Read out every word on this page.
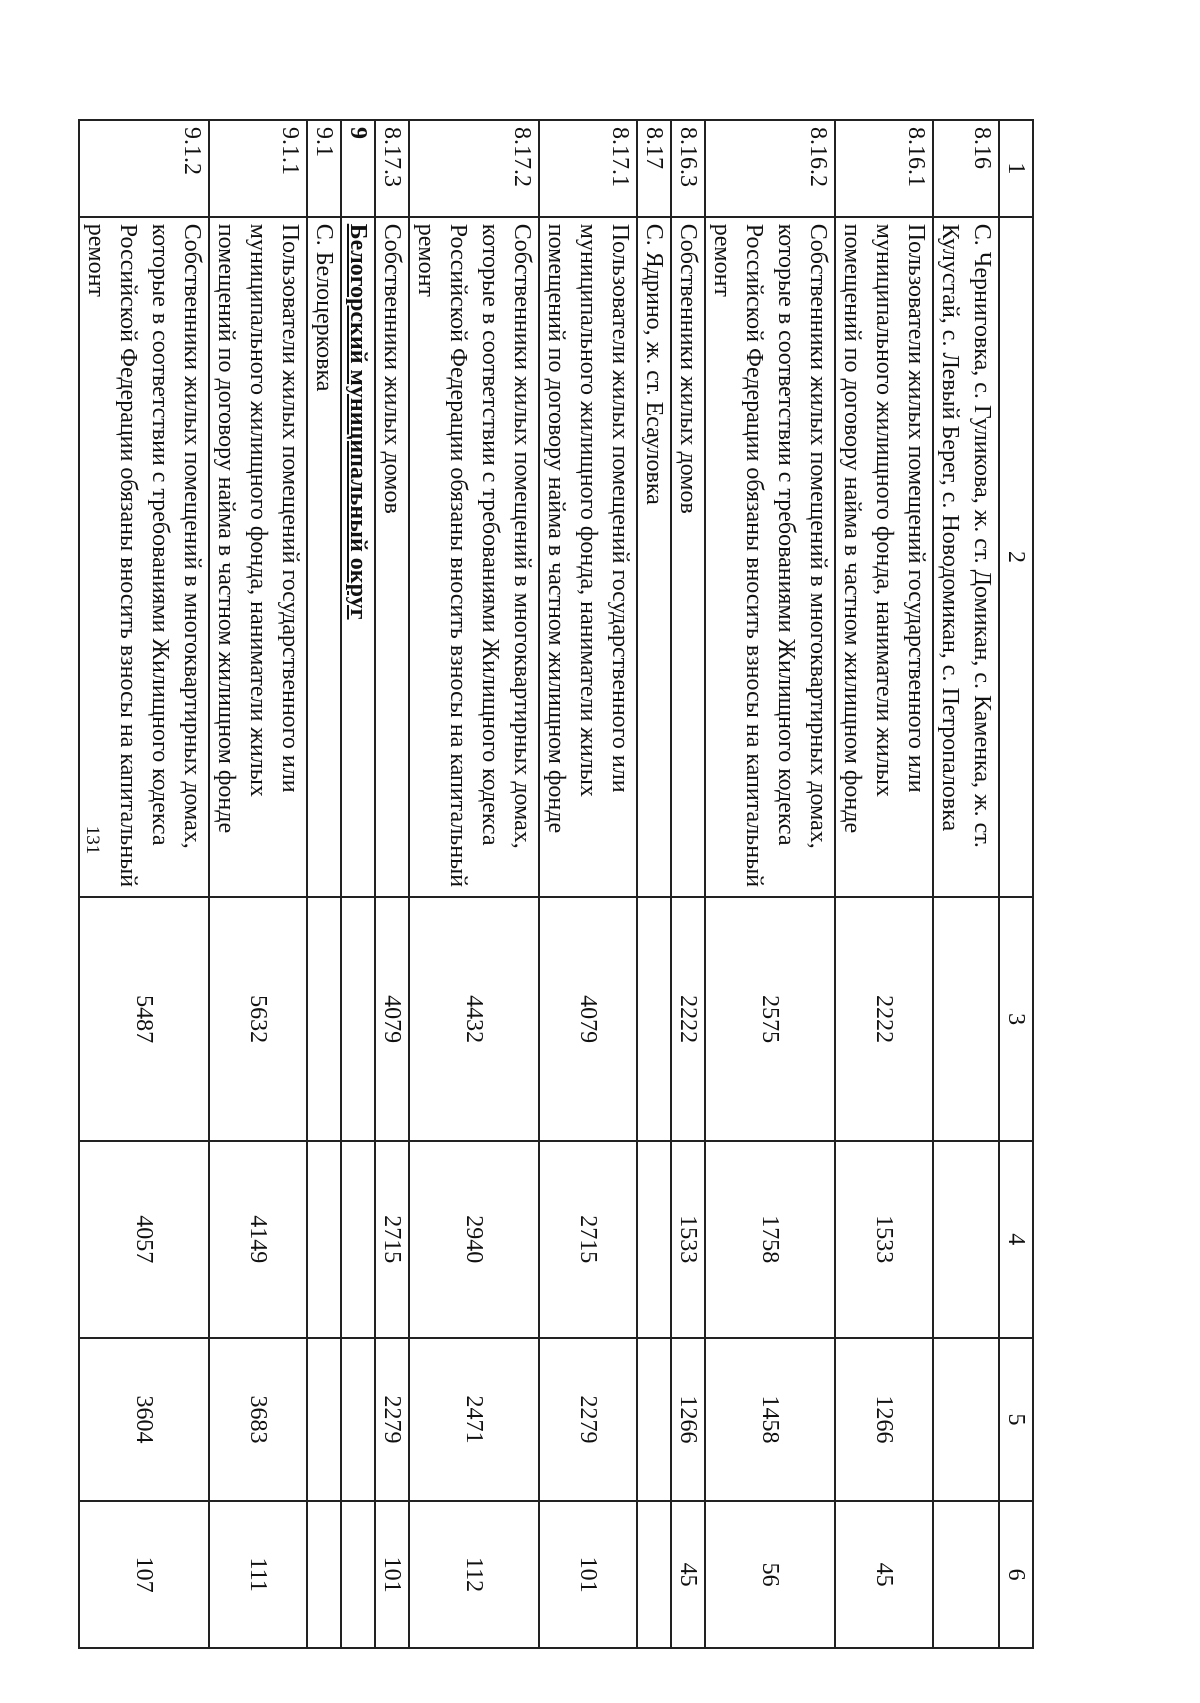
131
1	2	3	4	5	6
8.16	С. Черниговка, с. Гуликова, ж. ст. Домикан, с. Каменка, ж. ст. Кулустай, с. Левый Берег, с. Новодомикан, с. Петропаловка				
8.16.1	Пользователи жилых помещений государственного или муниципального жилищного фонда, наниматели жилых помещений по договору найма в частном жилищном фонде	2222	1533	1266	45
8.16.2	Собственники жилых помещений в многоквартирных домах, которые в соответствии с требованиями Жилищного кодекса Российской Федерации обязаны вносить взносы на капитальный ремонт	2575	1758	1458	56
8.16.3	Собственники жилых домов	2222	1533	1266	45
8.17	С. Ядрино, ж. ст. Есауловка				
8.17.1	Пользователи жилых помещений государственного или муниципального жилищного фонда, наниматели жилых помещений по договору найма в частном жилищном фонде	4079	2715	2279	101
8.17.2	Собственники жилых помещений в многоквартирных домах, которые в соответствии с требованиями Жилищного кодекса Российской Федерации обязаны вносить взносы на капитальный ремонт	4432	2940	2471	112
8.17.3	Собственники жилых домов	4079	2715	2279	101
9	Белогорский муниципальный округ				
9.1	С. Белоцерковка				
9.1.1	Пользователи жилых помещений государственного или муниципального жилищного фонда, наниматели жилых помещений по договору найма в частном жилищном фонде	5632	4149	3683	111
9.1.2	Собственники жилых помещений в многоквартирных домах, которые в соответствии с требованиями Жилищного кодекса Российской Федерации обязаны вносить взносы на капитальный ремонт	5487	4057	3604	107
